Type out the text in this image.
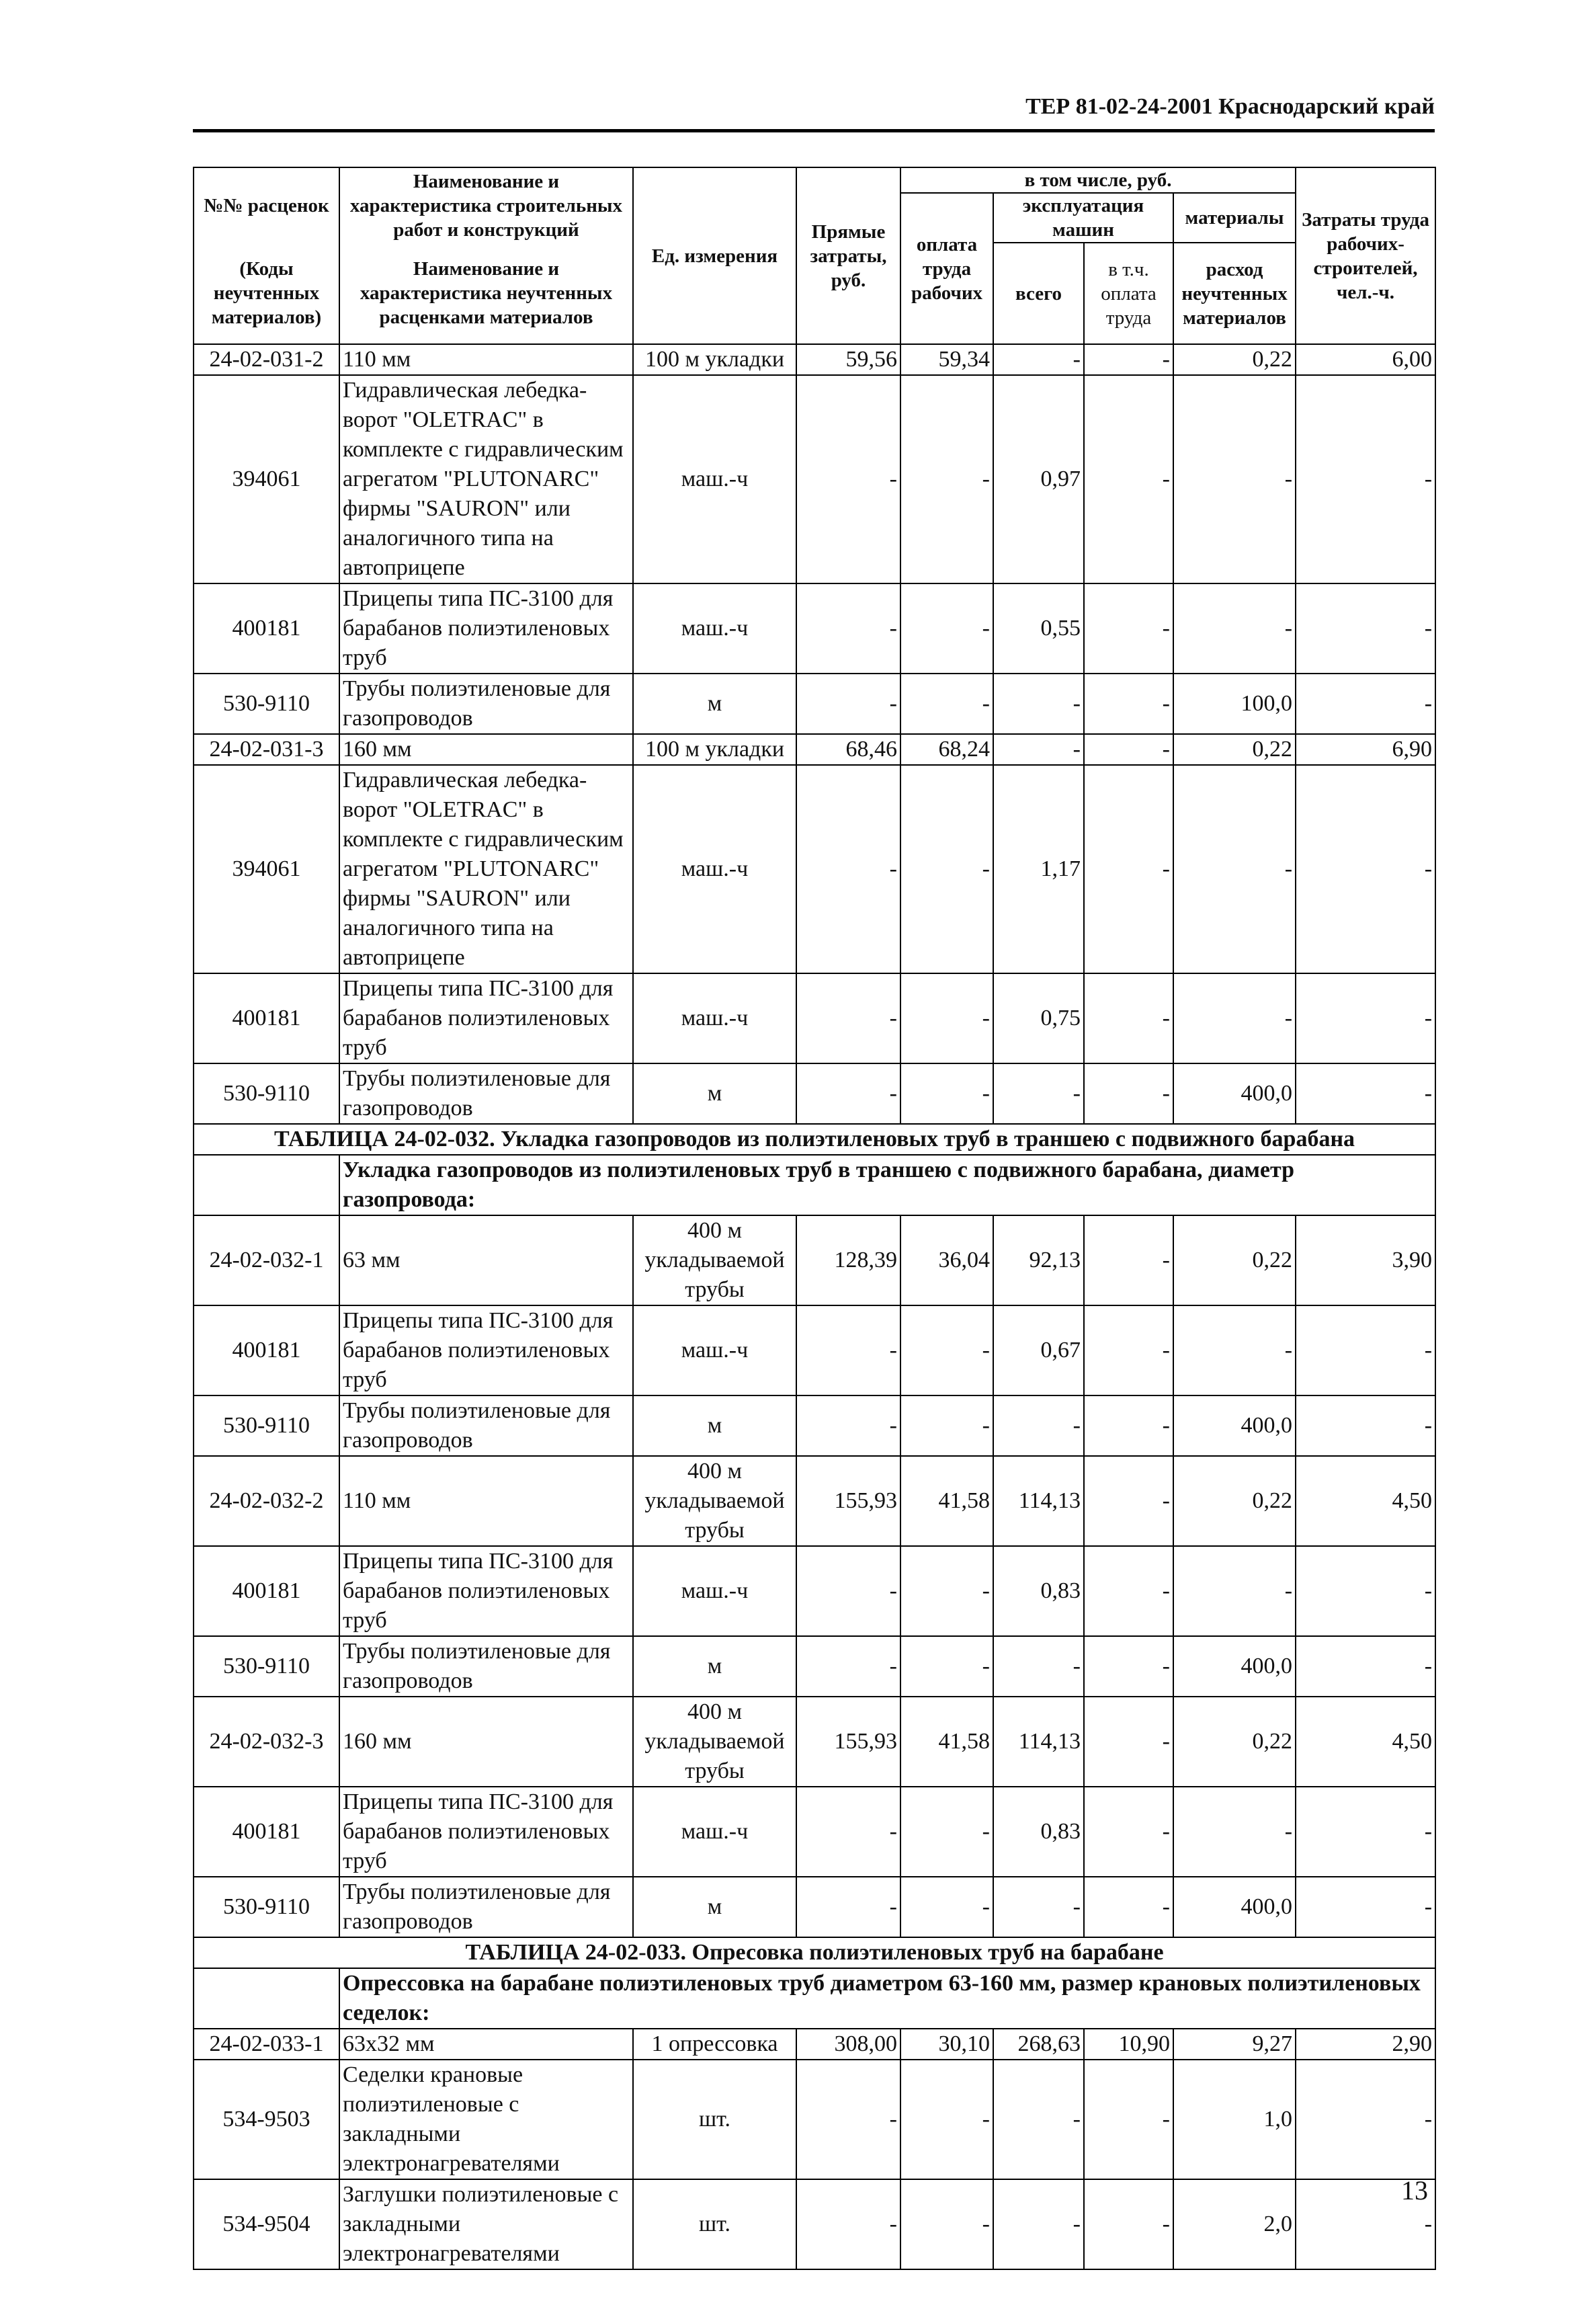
ТЕР 81-02-24-2001 Краснодарский край
№№ расценок	Наименование и характеристика строительных работ и конструкций	Ед. измерения	Прямые затраты, руб.	в том числе, руб.				Затраты труда рабочих-строителей, чел.-ч.
				оплата труда рабочих	эксплуатация машин		материалы	
					всего	в т.ч. оплата труда		
(Коды неучтенных материалов)	Наименование и характеристика неучтенных расценками материалов						расход неучтенных материалов	
24-02-031-2	110 мм	100 м укладки	59,56	59,34	-	-	0,22	6,00
394061	Гидравлическая лебедка-ворот "OLETRAC" в комплекте с гидравлическим агрегатом "PLUTONARC" фирмы "SAURON" или аналогичного типа на автоприцепе	маш.-ч	-	-	0,97	-	-	-
400181	Прицепы типа ПС-3100 для барабанов полиэтиленовых труб	маш.-ч	-	-	0,55	-	-	-
530-9110	Трубы полиэтиленовые для газопроводов	м	-	-	-	-	100,0	-
24-02-031-3	160 мм	100 м укладки	68,46	68,24	-	-	0,22	6,90
394061	Гидравлическая лебедка-ворот "OLETRAC" в комплекте с гидравлическим агрегатом "PLUTONARC" фирмы "SAURON" или аналогичного типа на автоприцепе	маш.-ч	-	-	1,17	-	-	-
400181	Прицепы типа ПС-3100 для барабанов полиэтиленовых труб	маш.-ч	-	-	0,75	-	-	-
530-9110	Трубы полиэтиленовые для газопроводов	м	-	-	-	-	400,0	-
ТАБЛИЦА 24-02-032. Укладка газопроводов из полиэтиленовых труб в траншею с подвижного барабана								
	Укладка газопроводов из полиэтиленовых труб в траншею с подвижного барабана, диаметр газопровода:							
24-02-032-1	63 мм	400 м укладываемой трубы	128,39	36,04	92,13	-	0,22	3,90
400181	Прицепы типа ПС-3100 для барабанов полиэтиленовых труб	маш.-ч	-	-	0,67	-	-	-
530-9110	Трубы полиэтиленовые для газопроводов	м	-	-	-	-	400,0	-
24-02-032-2	110 мм	400 м укладываемой трубы	155,93	41,58	114,13	-	0,22	4,50
400181	Прицепы типа ПС-3100 для барабанов полиэтиленовых труб	маш.-ч	-	-	0,83	-	-	-
530-9110	Трубы полиэтиленовые для газопроводов	м	-	-	-	-	400,0	-
24-02-032-3	160 мм	400 м укладываемой трубы	155,93	41,58	114,13	-	0,22	4,50
400181	Прицепы типа ПС-3100 для барабанов полиэтиленовых труб	маш.-ч	-	-	0,83	-	-	-
530-9110	Трубы полиэтиленовые для газопроводов	м	-	-	-	-	400,0	-
ТАБЛИЦА 24-02-033. Опресовка полиэтиленовых труб на барабане								
	Опрессовка на барабане полиэтиленовых труб диаметром 63-160 мм, размер крановых полиэтиленовых седелок:							
24-02-033-1	63х32 мм	1 опрессовка	308,00	30,10	268,63	10,90	9,27	2,90
534-9503	Седелки крановые полиэтиленовые с закладными электронагревателями	шт.	-	-	-	-	1,0	-
534-9504	Заглушки полиэтиленовые с закладными электронагревателями	шт.	-	-	-	-	2,0	-
13
